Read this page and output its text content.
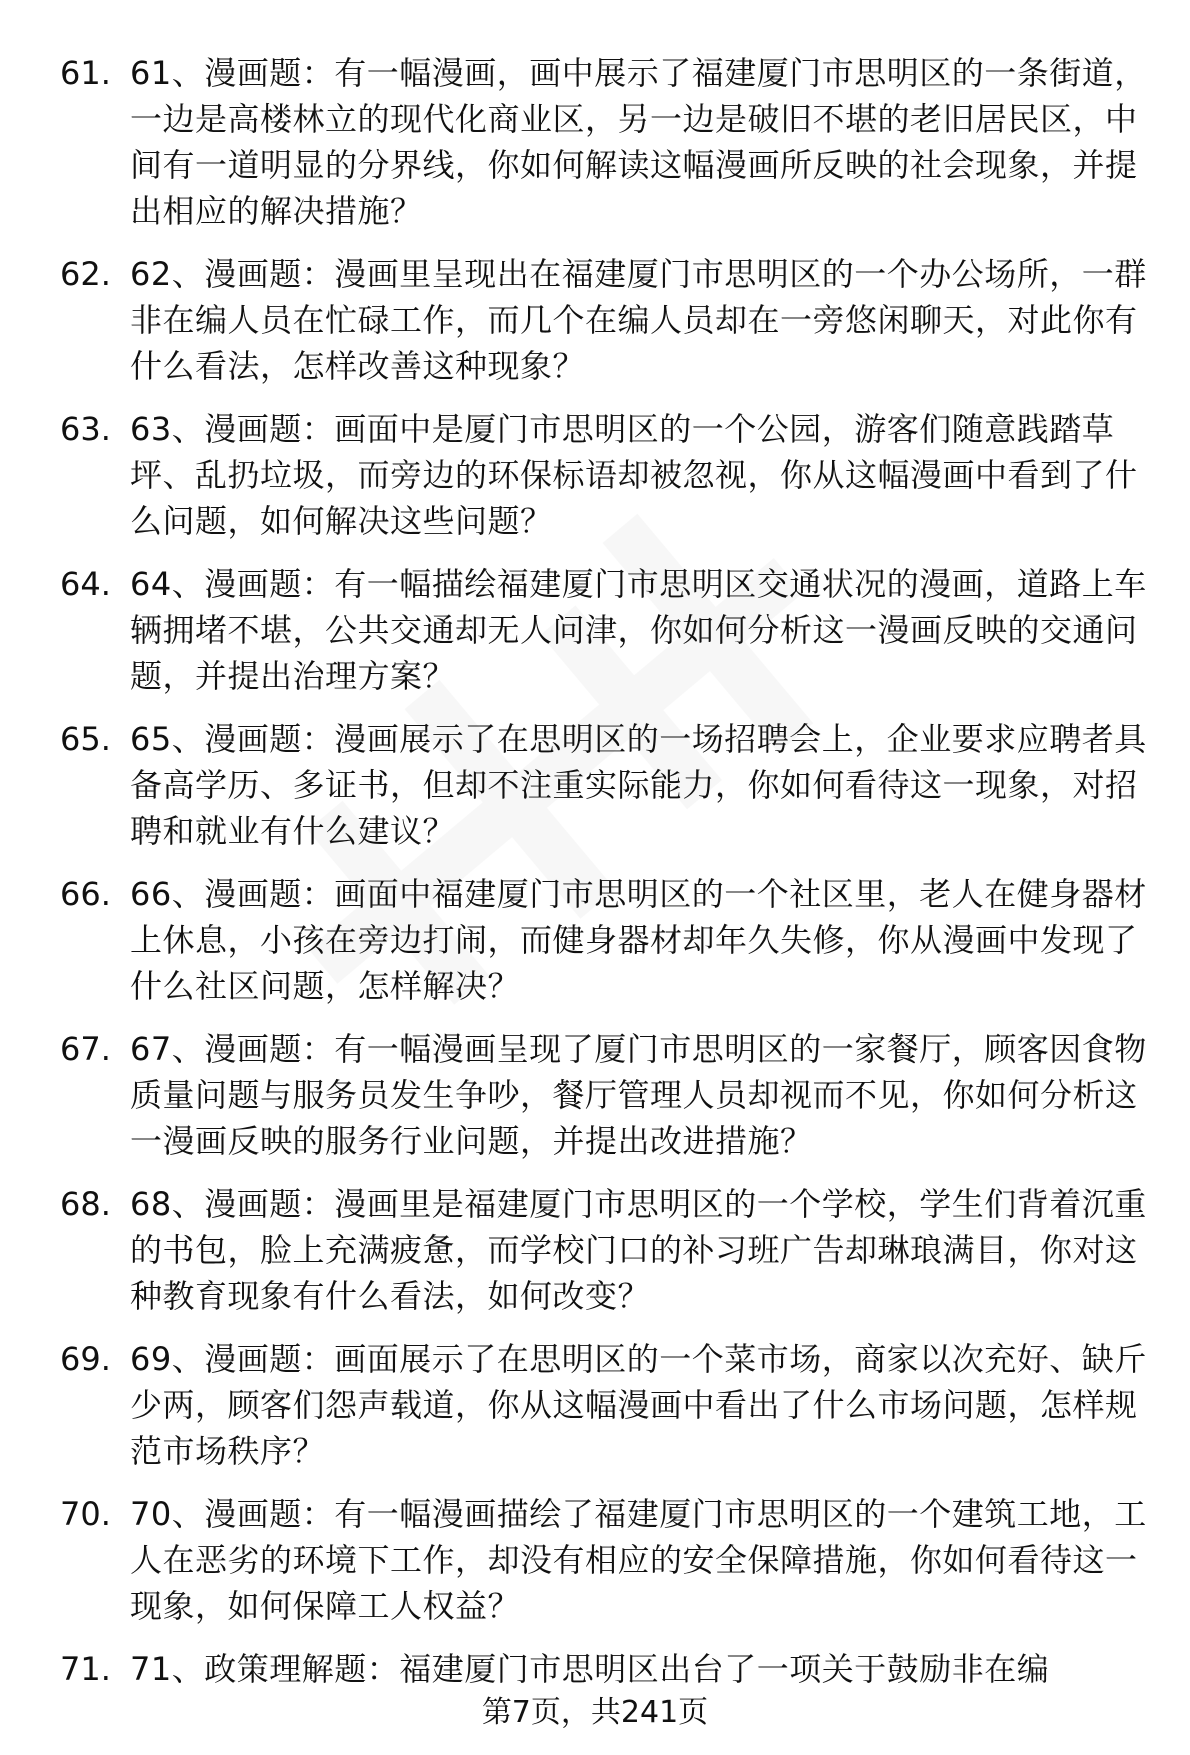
61. 61、漫画题：有一幅漫画，画中展示了福建厦门市思明区的一条街道，一边是高楼林立的现代化商业区，另一边是破旧不堪的老旧居民区，中间有一道明显的分界线，你如何解读这幅漫画所反映的社会现象，并提出相应的解决措施？
62. 62、漫画题：漫画里呈现出在福建厦门市思明区的一个办公场所，一群非在编人员在忙碌工作，而几个在编人员却在一旁悠闲聊天，对此你有什么看法，怎样改善这种现象？
63. 63、漫画题：画面中是厦门市思明区的一个公园，游客们随意践踏草坪、乱扔垃圾，而旁边的环保标语却被忽视，你从这幅漫画中看到了什么问题，如何解决这些问题？
64. 64、漫画题：有一幅描绘福建厦门市思明区交通状况的漫画，道路上车辆拥堵不堪，公共交通却无人问津，你如何分析这一漫画反映的交通问题，并提出治理方案？
65. 65、漫画题：漫画展示了在思明区的一场招聘会上，企业要求应聘者具备高学历、多证书，但却不注重实际能力，你如何看待这一现象，对招聘和就业有什么建议？
66. 66、漫画题：画面中福建厦门市思明区的一个社区里，老人在健身器材上休息，小孩在旁边打闹，而健身器材却年久失修，你从漫画中发现了什么社区问题，怎样解决？
67. 67、漫画题：有一幅漫画呈现了厦门市思明区的一家餐厅，顾客因食物质量问题与服务员发生争吵，餐厅管理人员却视而不见，你如何分析这一漫画反映的服务行业问题，并提出改进措施？
68. 68、漫画题：漫画里是福建厦门市思明区的一个学校，学生们背着沉重的书包，脸上充满疲惫，而学校门口的补习班广告却琳琅满目，你对这种教育现象有什么看法，如何改变？
69. 69、漫画题：画面展示了在思明区的一个菜市场，商家以次充好、缺斤少两，顾客们怨声载道，你从这幅漫画中看出了什么市场问题，怎样规范市场秩序？
70. 70、漫画题：有一幅漫画描绘了福建厦门市思明区的一个建筑工地，工人在恶劣的环境下工作，却没有相应的安全保障措施，你如何看待这一现象，如何保障工人权益？
71. 71、政策理解题：福建厦门市思明区出台了一项关于鼓励非在编
第7页，共241页
